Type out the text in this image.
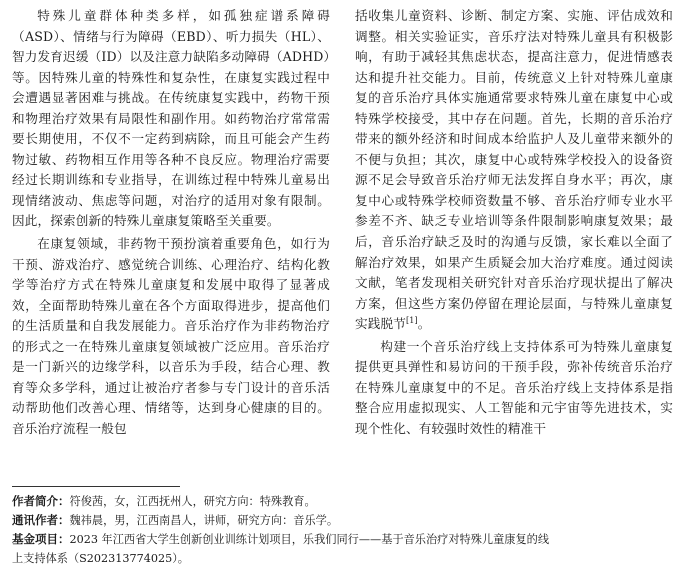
特殊儿童群体种类多样，如孤独症谱系障碍（ASD）、情绪与行为障碍（EBD）、听力损失（HL）、智力发育迟缓（ID）以及注意力缺陷多动障碍（ADHD）等。因特殊儿童的特殊性和复杂性，在康复实践过程中会遭遇显著困难与挑战。在传统康复实践中，药物干预和物理治疗效果有局限性和副作用。如药物治疗常常需要长期使用，不仅不一定药到病除，而且可能会产生药物过敏、药物相互作用等各种不良反应。物理治疗需要经过长期训练和专业指导，在训练过程中特殊儿童易出现情绪波动、焦虑等问题，对治疗的适用对象有限制。因此，探索创新的特殊儿童康复策略至关重要。

在康复领域，非药物干预扮演着重要角色，如行为干预、游戏治疗、感觉统合训练、心理治疗、结构化教学等治疗方式在特殊儿童康复和发展中取得了显著成效，全面帮助特殊儿童在各个方面取得进步，提高他们的生活质量和自我发展能力。音乐治疗作为非药物治疗的形式之一在特殊儿童康复领域被广泛应用。音乐治疗是一门新兴的边缘学科，以音乐为手段，结合心理、教育等众多学科，通过让被治疗者参与专门设计的音乐活动帮助他们改善心理、情绪等，达到身心健康的目的。音乐治疗流程一般包

括收集儿童资料、诊断、制定方案、实施、评估成效和调整。相关实验证实，音乐疗法对特殊儿童具有积极影响，有助于减轻其焦虑状态，提高注意力，促进情感表达和提升社交能力。目前，传统意义上针对特殊儿童康复的音乐治疗具体实施通常要求特殊儿童在康复中心或特殊学校接受，其中存在问题。首先，长期的音乐治疗带来的额外经济和时间成本给监护人及儿童带来额外的不便与负担；其次，康复中心或特殊学校投入的设备资源不足会导致音乐治疗师无法发挥自身水平；再次，康复中心或特殊学校师资数量不够、音乐治疗师专业水平参差不齐、缺乏专业培训等条件限制影响康复效果；最后，音乐治疗缺乏及时的沟通与反馈，家长难以全面了解治疗效果，如果产生质疑会加大治疗难度。通过阅读文献，笔者发现相关研究针对音乐治疗现状提出了解决方案，但这些方案仍停留在理论层面，与特殊儿童康复实践脱节[1]。

构建一个音乐治疗线上支持体系可为特殊儿童康复提供更具弹性和易访问的干预手段，弥补传统音乐治疗在特殊儿童康复中的不足。音乐治疗线上支持体系是指整合应用虚拟现实、人工智能和元宇宙等先进技术，实现个性化、有较强时效性的精准干

作者简介：符俊茜，女，江西抚州人，研究方向：特殊教育。
通讯作者：魏祎晨，男，江西南昌人，讲师，研究方向：音乐学。
基金项目：2023 年江西省大学生创新创业训练计划项目，乐我们同行——基于音乐治疗对特殊儿童康复的线
上支持体系（S202313774025）。
